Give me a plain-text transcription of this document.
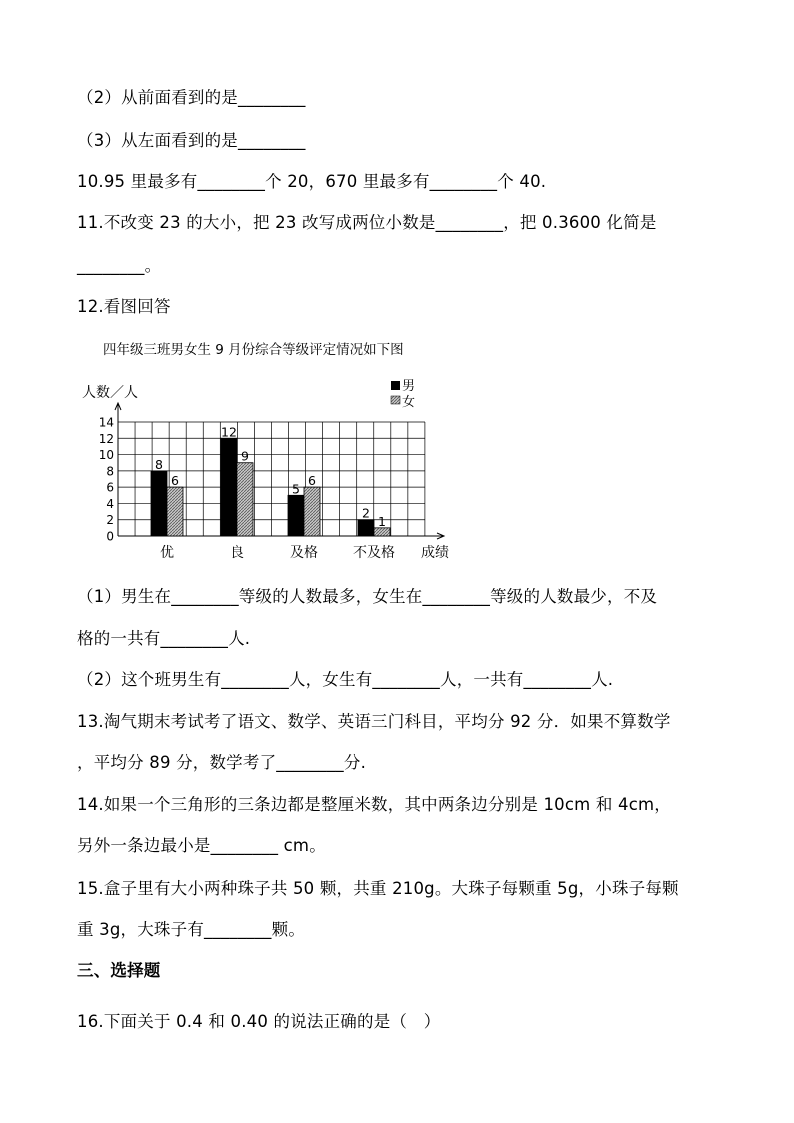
（2）从前面看到的是________
（3）从左面看到的是________
10.95 里最多有________个 20，670 里最多有________个 40.
11.不改变 23 的大小，把 23 改写成两位小数是________，把 0.3600 化简是
________。
12.看图回答
四年级三班男女生 9 月份综合等级评定情况如下图
0
2
4
6
8
10
12
14
8
6
优
12
9
良
5
6
及格
2
1
不及格
人数／人
成绩
男
女
（1）男生在________等级的人数最多，女生在________等级的人数最少，不及
格的一共有________人.
（2）这个班男生有________人，女生有________人，一共有________人.
13.淘气期末考试考了语文、数学、英语三门科目，平均分 92 分．如果不算数学
，平均分 89 分，数学考了________分.
14.如果一个三角形的三条边都是整厘米数，其中两条边分别是 10cm 和 4cm，
另外一条边最小是________ cm。
15.盒子里有大小两种珠子共 50 颗，共重 210g。大珠子每颗重 5g，小珠子每颗
重 3g，大珠子有________颗。
三、选择题
16.下面关于 0.4 和 0.40 的说法正确的是（　）
